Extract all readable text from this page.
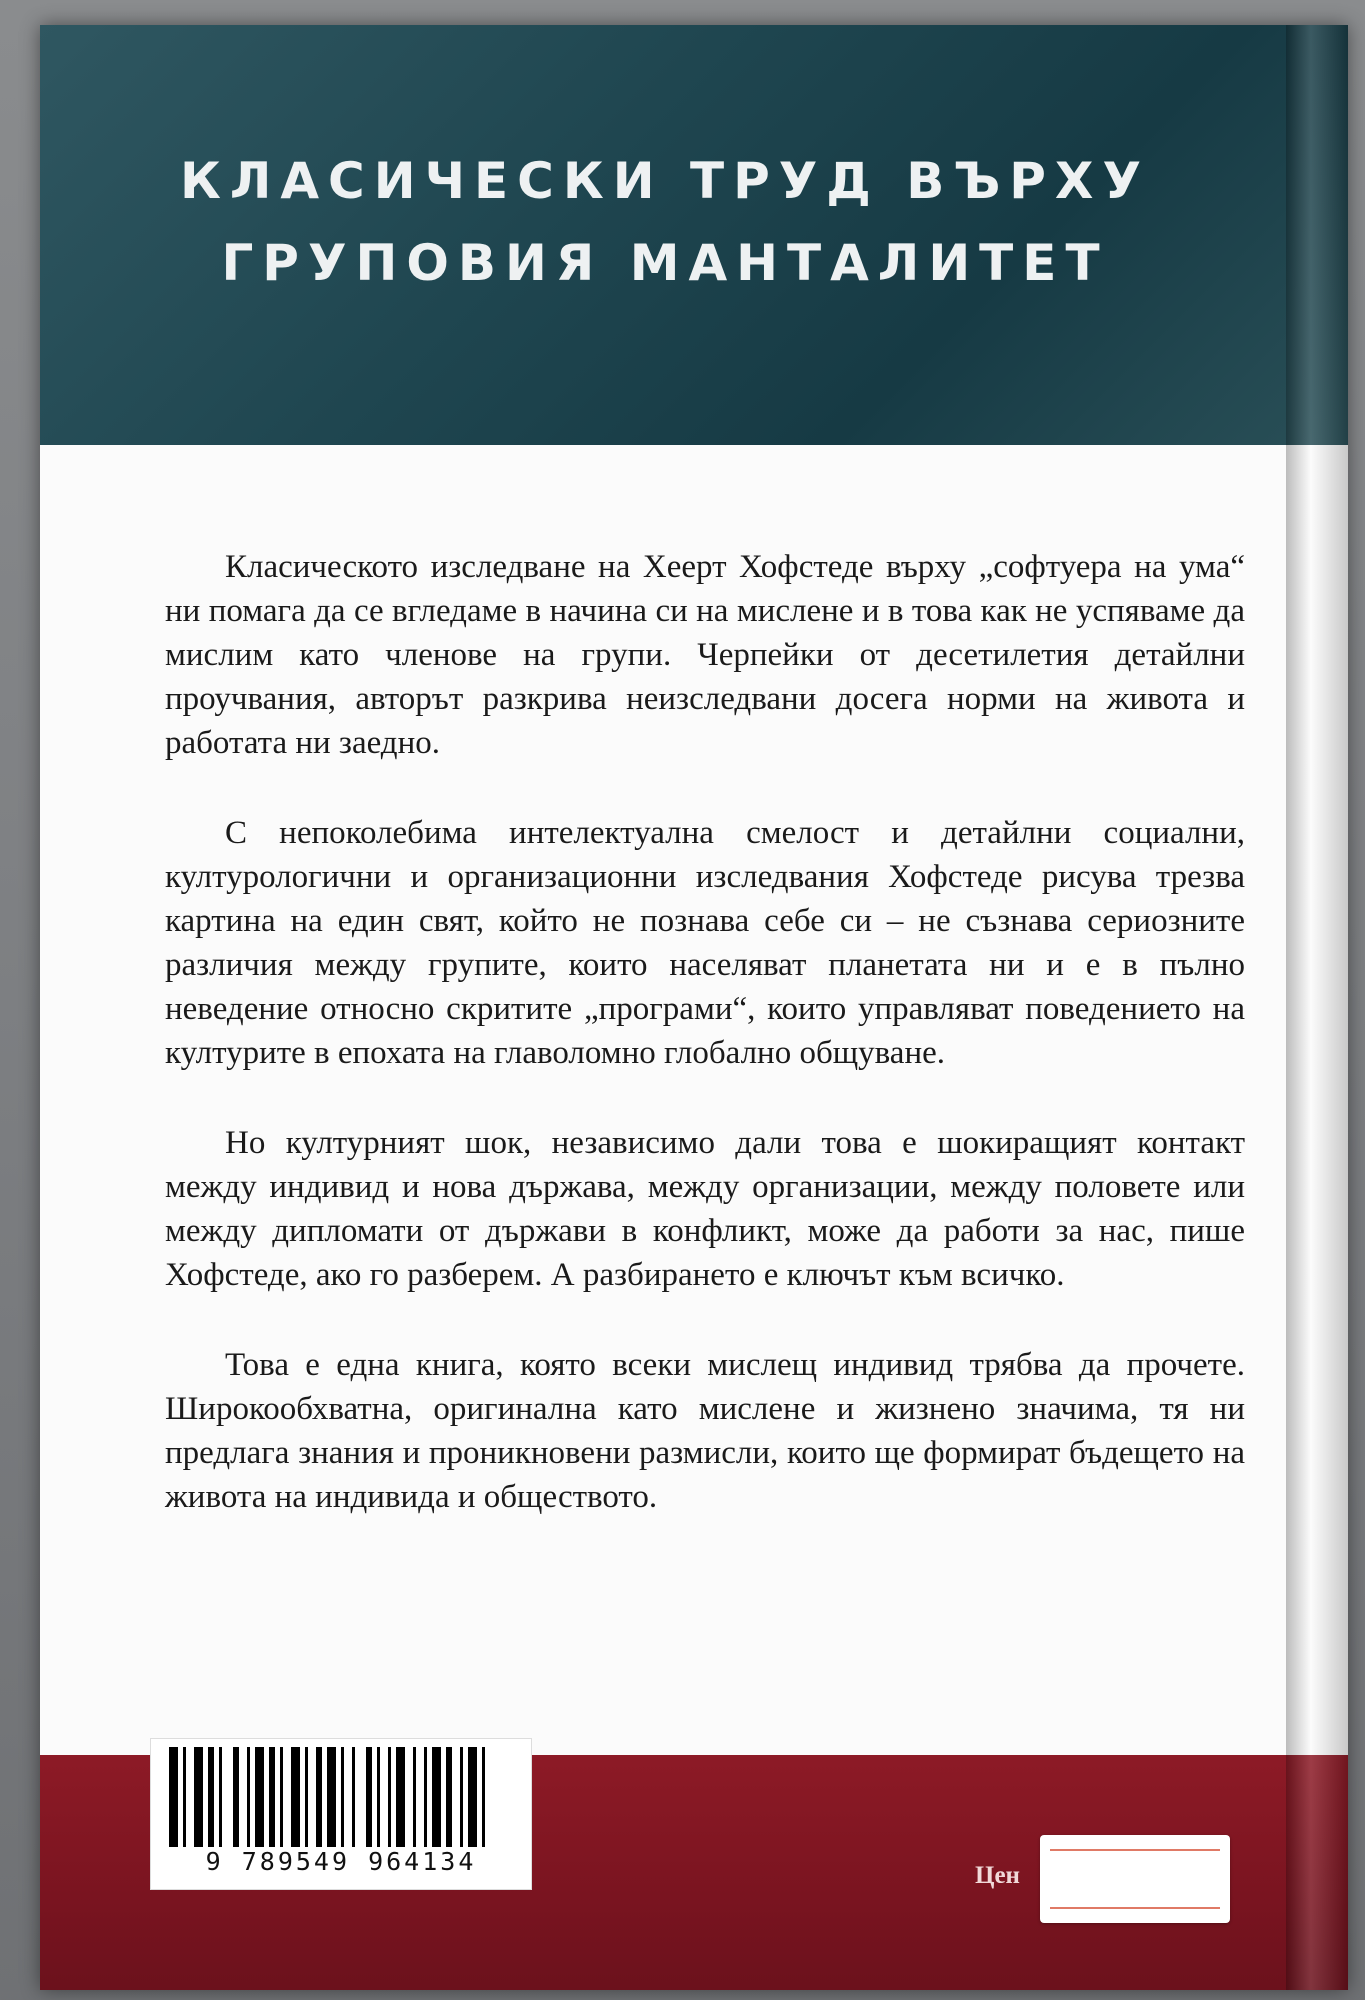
КЛАСИЧЕСКИ ТРУД ВЪРХУ
ГРУПОВИЯ МАНТАЛИТЕТ

Класическото изследване на Хеерт Хофстеде върху „софтуера на ума“ ни помага да се вгледаме в начина си на мислене и в това как не успяваме да мислим като членове на групи. Черпейки от десетилетия детайлни проучвания, авторът разкрива неизследвани досега норми на живота и работата ни заедно.

С непоколебима интелектуална смелост и детайлни социални, културологични и организационни изследвания Хофстеде рисува трезва картина на един свят, който не познава себе си – не съзнава сериозните различия между групите, които населяват планетата ни и е в пълно неведение относно скритите „програми“, които управляват поведението на културите в епохата на главоломно глобално общуване.

Но културният шок, независимо дали това е шокиращият контакт между индивид и нова държава, между организации, между половете или между дипломати от държави в конфликт, може да работи за нас, пише Хофстеде, ако го разберем. А разбирането е ключът към всичко.

Това е една книга, която всеки мислещ индивид трябва да прочете. Широкообхватна, оригинална като мислене и жизнено значима, тя ни предлага знания и проникновени размисли, които ще формират бъдещето на живота на индивида и обществото.

9 789549 964134	Цен
